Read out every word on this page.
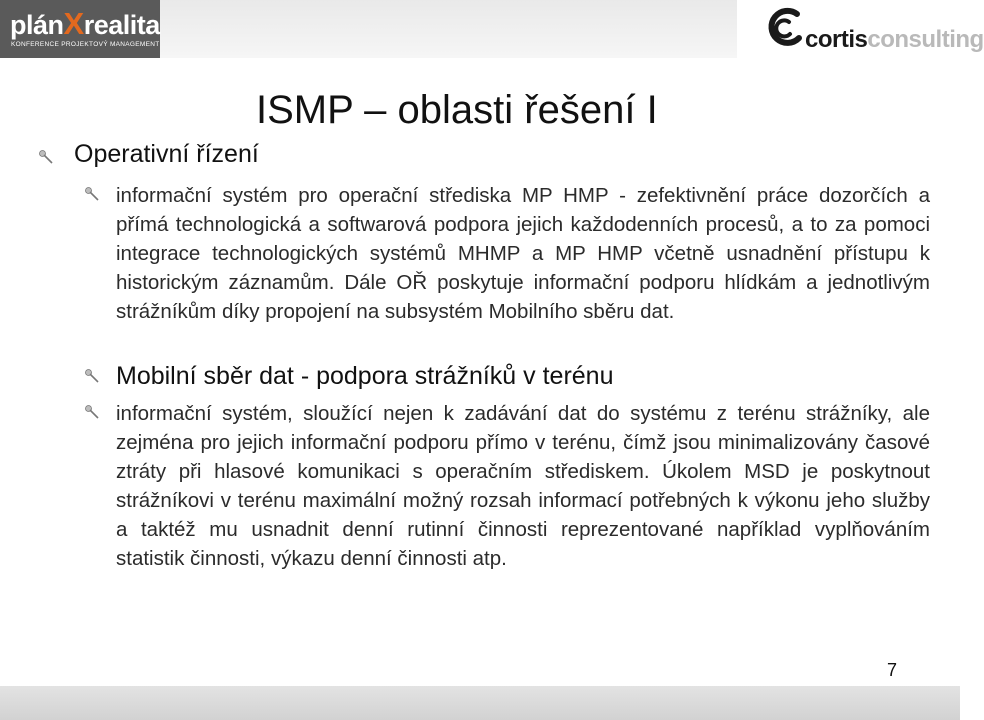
plánXrealita
KONFERENCE PROJEKTOVÝ MANAGEMENT	cortisconsulting
ISMP – oblasti řešení I
Operativní řízení

informační systém pro operační střediska MP HMP - zefektivnění práce dozorčích a přímá technologická a softwarová podpora jejich každodenních procesů, a to za pomoci integrace technologických systémů MHMP a MP HMP včetně usnadnění přístupu k historickým záznamům. Dále OŘ poskytuje informační podporu hlídkám a jednotlivým strážníkům díky propojení na subsystém Mobilního sběru dat.

Mobilní sběr dat - podpora strážníků v terénu

informační systém, sloužící nejen k zadávání dat do systému z terénu strážníky, ale zejména pro jejich informační podporu přímo v terénu, čímž jsou minimalizovány časové ztráty při hlasové komunikaci s operačním střediskem. Úkolem MSD je poskytnout strážníkovi v terénu maximální možný rozsah informací potřebných k výkonu jeho služby a taktéž mu usnadnit denní rutinní činnosti reprezentované například vyplňováním statistik činnosti, výkazu denní činnosti atp.

7
